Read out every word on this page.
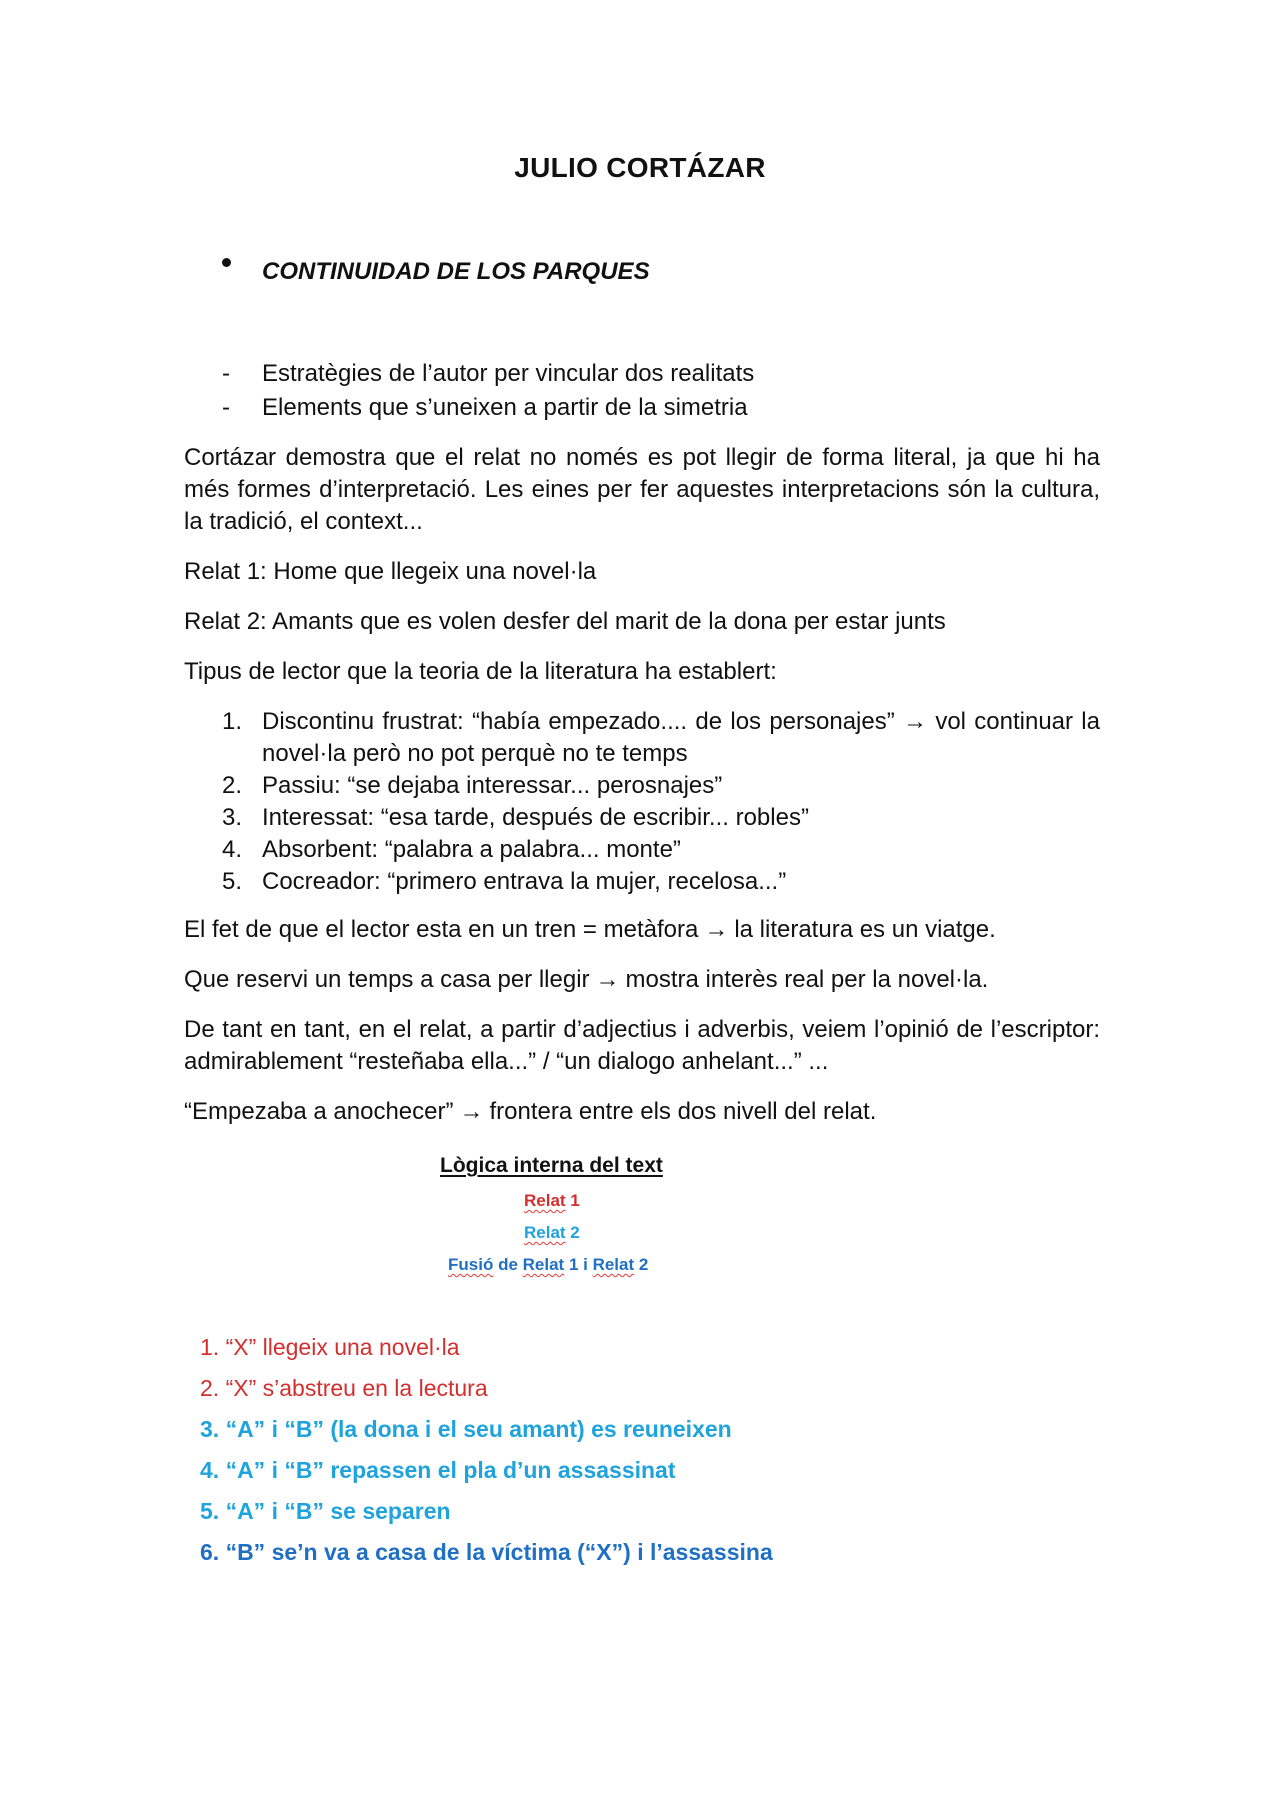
JULIO CORTÁZAR
CONTINUIDAD DE LOS PARQUES
- Estratègies de l’autor per vincular dos realitats
- Elements que s’uneixen a partir de la simetria
Cortázar demostra que el relat no només es pot llegir de forma literal, ja que hi ha més formes d’interpretació. Les eines per fer aquestes interpretacions són la cultura, la tradició, el context...
Relat 1: Home que llegeix una novel·la
Relat 2: Amants que es volen desfer del marit de la dona per estar junts
Tipus de lector que la teoria de la literatura ha establert:
1. Discontinu frustrat: “había empezado.... de los personajes” → vol continuar la novel·la però no pot perquè no te temps
2. Passiu: “se dejaba interessar... perosnajes”
3. Interessat: “esa tarde, después de escribir... robles”
4. Absorbent: “palabra a palabra... monte”
5. Cocreador: “primero entrava la mujer, recelosa...”
El fet de que el lector esta en un tren = metàfora → la literatura es un viatge.
Que reservi un temps a casa per llegir → mostra interès real per la novel·la.
De tant en tant, en el relat, a partir d’adjectius i adverbis, veiem l’opinió de l’escriptor: admirablement “resteñaba ella...” / “un dialogo anhelant...” ...
“Empezaba a anochecer” → frontera entre els dos nivell del relat.
Lògica interna del text
Relat 1
Relat 2
Fusió de Relat 1 i Relat 2
1. “X” llegeix una novel·la
2. “X” s’abstreu en la lectura
3. “A” i “B” (la dona i el seu amant) es reuneixen
4. “A” i “B” repassen el pla d’un assassinat
5. “A” i “B” se separen
6. “B” se’n va a casa de la víctima (“X”) i l’assassina
